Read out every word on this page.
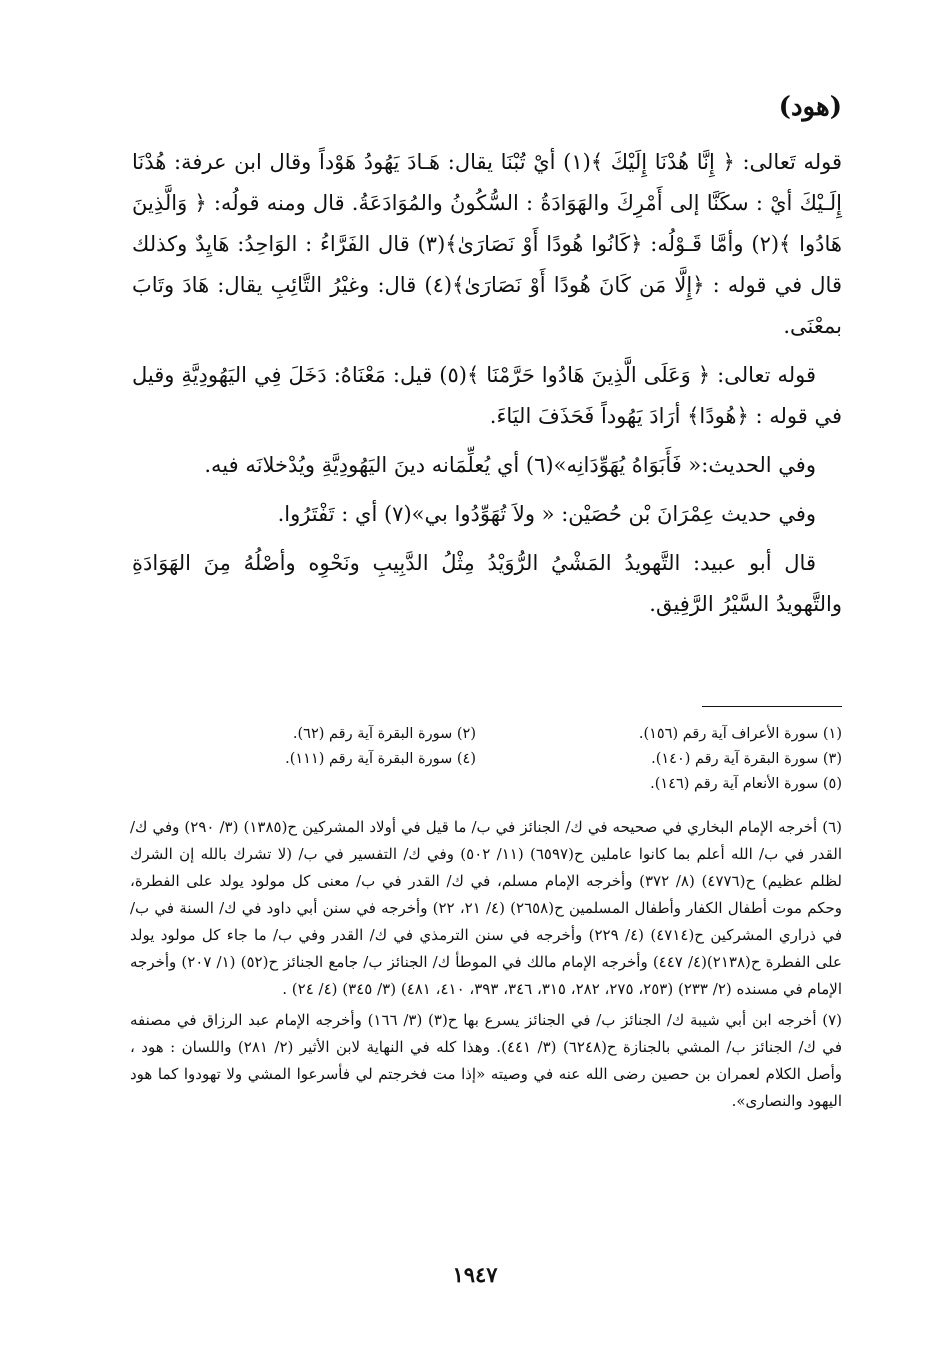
(هود)

قوله تَعالى: ﴿ إِنَّا هُدْنَا إِلَيْكَ ﴾(١) أيْ تُبْنَا يقال: هَـادَ يَهُودُ هَوْداً وقال ابن عرفة: هُدْنَا إِلَـيْكَ أيْ : سكَنَّا إلى أَمْرِكَ والهَوَادَةُ : السُّكُونُ والمُوَادَعَةُ. قال ومنه قولُه: ﴿ وَالَّذِينَ هَادُوا ﴾(٢) وأمَّا قَـوْلُه: ﴿كَانُوا هُودًا أَوْ نَصَارَىٰ﴾(٣) قال الفَرَّاءُ : الوَاحِدُ: هَايِدٌ وكذلك قال في قوله : ﴿إِلَّا مَن كَانَ هُودًا أَوْ نَصَارَىٰ﴾(٤) قال: وغيْرُ التَّائِبِ يقال: هَادَ وتَابَ بمعْنَى.

قوله تعالى: ﴿ وَعَلَى الَّذِينَ هَادُوا حَرَّمْنَا ﴾(٥) قيل: مَعْنَاهُ: دَخَلَ فِي اليَهُودِيَّةِ وقيل في قوله : ﴿هُودًا﴾ أرَادَ يَهُوداً فَحَذَفَ اليَاءَ.

وفي الحديث:« فَأَبَوَاهُ يُهَوِّدَانِه»(٦) أي يُعلِّمَانه دينَ اليَهُودِيَّةِ ويُدْخلانَه فيه.

وفي حديث عِمْرَانَ بْن حُصَيْن: « ولاَ تُهَوِّدُوا بي»(٧) أي : تَفْتَرُوا.

قال أبو عبيد: التَّهويدُ المَشْيُ الرُّوَيْدُ مِثْلُ الدَّبِيبِ ونَحْوِه وأصْلُهُ مِنَ الهَوَادَةِ والتَّهويدُ السَّيْرُ الرَّفِيق.

(١) سورة الأعراف آية رقم (١٥٦).
(٢) سورة البقرة آية رقم (٦٢).
(٣) سورة البقرة آية رقم (١٤٠).
(٤) سورة البقرة آية رقم (١١١).
(٥) سورة الأنعام آية رقم (١٤٦).

(٦) أخرجه الإمام البخاري في صحيحه في ك/ الجنائز في ب/ ما قيل في أولاد المشركين ح(١٣٨٥) (٣/ ٢٩٠) وفي ك/ القدر في ب/ الله أعلم بما كانوا عاملين ح(٦٥٩٧) (١١/ ٥٠٢) وفي ك/ التفسير في ب/ (لا تشرك بالله إن الشرك لظلم عظيم) ح(٤٧٧٦) (٨/ ٣٧٢) وأخرجه الإمام مسلم، في ك/ القدر في ب/ معنى كل مولود يولد على الفطرة، وحكم موت أطفال الكفار وأطفال المسلمين ح(٢٦٥٨) (٤/ ٢١، ٢٢) وأخرجه في سنن أبي داود في ك/ السنة في ب/ في ذراري المشركين ح(٤٧١٤) (٤/ ٢٢٩) وأخرجه في سنن الترمذي في ك/ القدر وفي ب/ ما جاء كل مولود يولد على الفطرة ح(٢١٣٨)(٤/ ٤٤٧) وأخرجه الإمام مالك في الموطأ ك/ الجنائز ب/ جامع الجنائز ح(٥٢) (١/ ٢٠٧) وأخرجه الإمام في مسنده (٢/ ٢٣٣) (٢٥٣، ٢٧٥، ٢٨٢، ٣١٥، ٣٤٦، ٣٩٣، ٤١٠، ٤٨١) (٣/ ٣٤٥) (٤/ ٢٤) .

(٧) أخرجه ابن أبي شيبة ك/ الجنائز ب/ في الجنائز يسرع بها ح(٣) (٣/ ١٦٦) وأخرجه الإمام عبد الرزاق في مصنفه في ك/ الجنائز ب/ المشي بالجنازة ح(٦٢٤٨) (٣/ ٤٤١). وهذا كله في النهاية لابن الأثير (٢/ ٢٨١) واللسان : هود ، وأصل الكلام لعمران بن حصين رضى الله عنه في وصيته «إذا مت فخرجتم لي فأسرعوا المشي ولا تهودوا كما هود اليهود والنصارى».

١٩٤٧
